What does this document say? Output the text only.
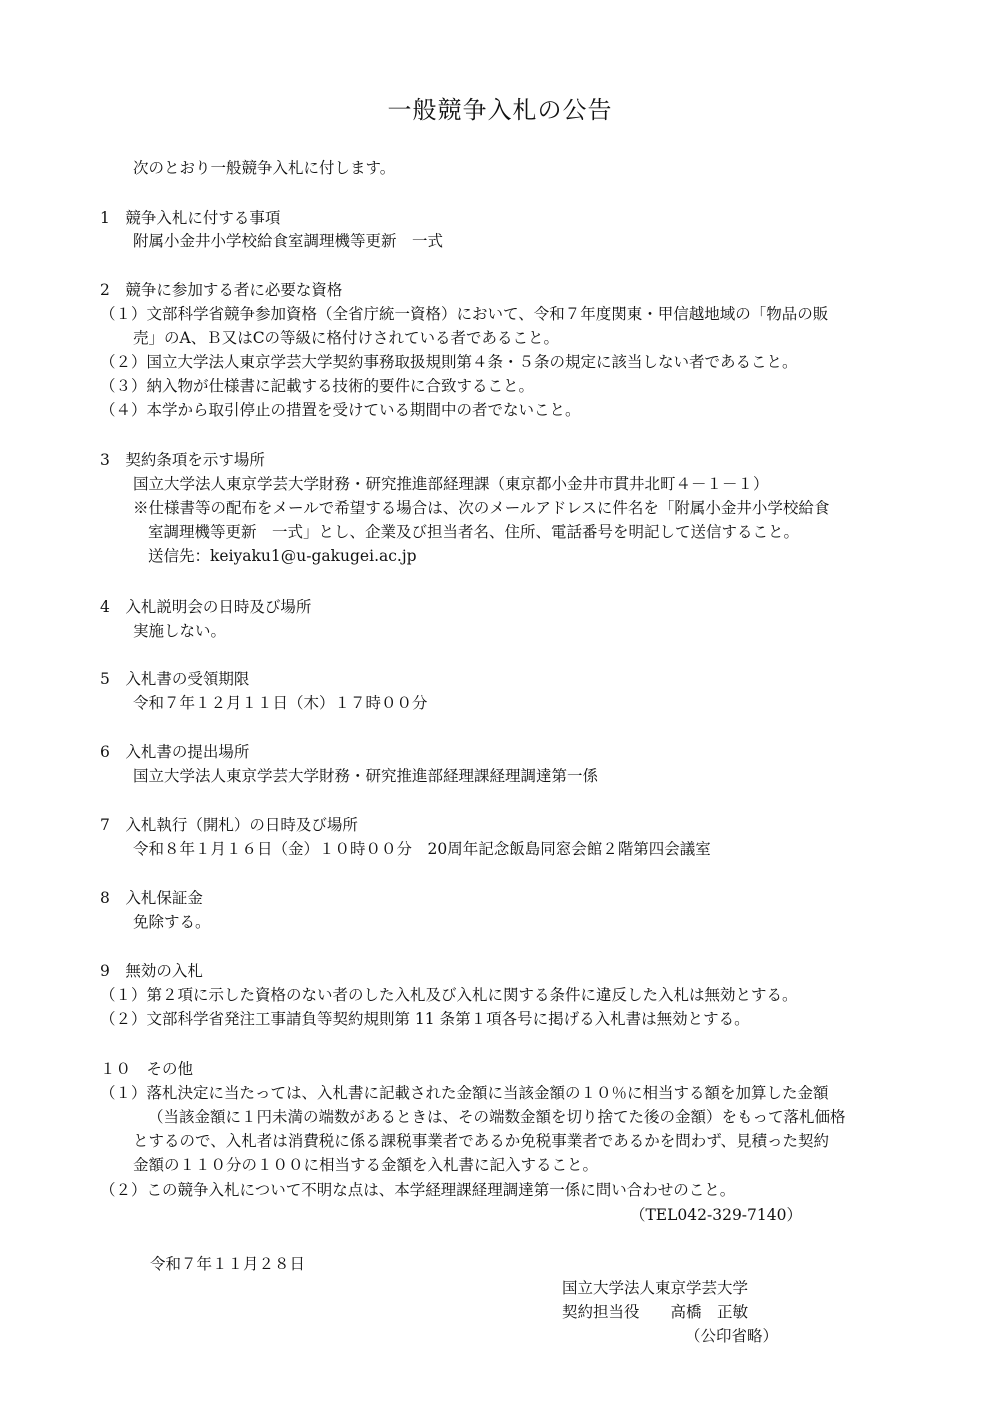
一般競争入札の公告
次のとおり一般競争入札に付します。
1　競争入札に付する事項
附属小金井小学校給食室調理機等更新　一式
2　競争に参加する者に必要な資格
（１）文部科学省競争参加資格（全省庁統一資格）において、令和７年度関東・甲信越地域の「物品の販
売」のA、Ｂ又はCの等級に格付けされている者であること。
（２）国立大学法人東京学芸大学契約事務取扱規則第４条・５条の規定に該当しない者であること。
（３）納入物が仕様書に記載する技術的要件に合致すること。
（４）本学から取引停止の措置を受けている期間中の者でないこと。
3　契約条項を示す場所
国立大学法人東京学芸大学財務・研究推進部経理課（東京都小金井市貫井北町４－１－１）
※仕様書等の配布をメールで希望する場合は、次のメールアドレスに件名を「附属小金井小学校給食
室調理機等更新　一式」とし、企業及び担当者名、住所、電話番号を明記して送信すること。
送信先：keiyaku1@u-gakugei.ac.jp
4　入札説明会の日時及び場所
実施しない。
5　入札書の受領期限
令和７年１２月１１日（木）１７時００分
6　入札書の提出場所
国立大学法人東京学芸大学財務・研究推進部経理課経理調達第一係
7　入札執行（開札）の日時及び場所
令和８年１月１６日（金）１０時００分　20周年記念飯島同窓会館２階第四会議室
8　入札保証金
免除する。
9　無効の入札
（１）第２項に示した資格のない者のした入札及び入札に関する条件に違反した入札は無効とする。
（２）文部科学省発注工事請負等契約規則第 11 条第１項各号に掲げる入札書は無効とする。
１０　その他
（１）落札決定に当たっては、入札書に記載された金額に当該金額の１０％に相当する額を加算した金額
（当該金額に１円未満の端数があるときは、その端数金額を切り捨てた後の金額）をもって落札価格
とするので、入札者は消費税に係る課税事業者であるか免税事業者であるかを問わず、見積った契約
金額の１１０分の１００に相当する金額を入札書に記入すること。
（２）この競争入札について不明な点は、本学経理課経理調達第一係に問い合わせのこと。
（TEL042-329-7140）
令和７年１１月２８日
国立大学法人東京学芸大学
契約担当役　　高橋　正敏
（公印省略）
